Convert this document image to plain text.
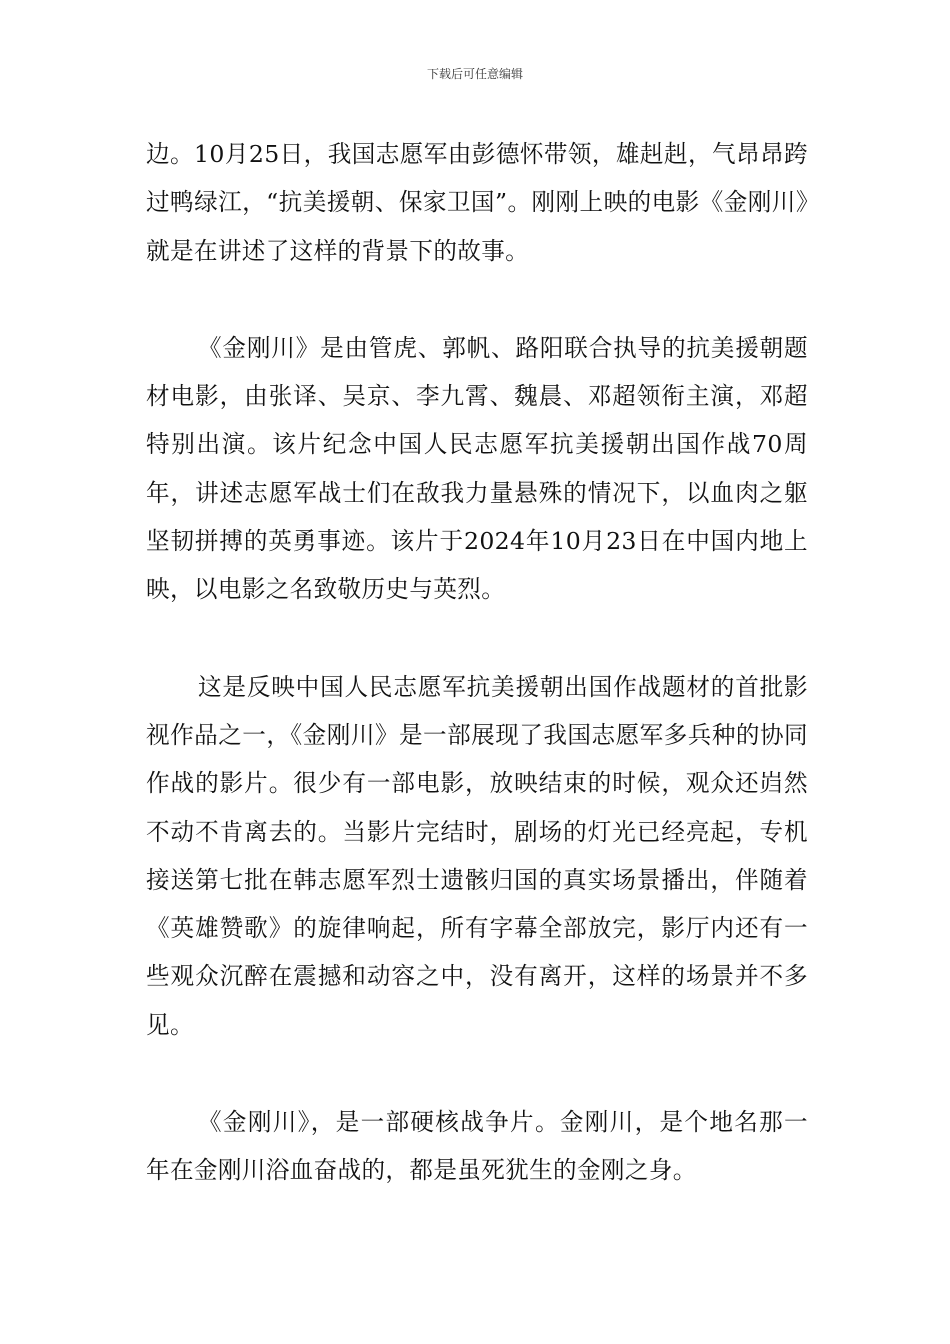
下载后可任意编辑

边。10月25日，我国志愿军由彭德怀带领，雄赳赳，气昂昂跨过鸭绿江，“抗美援朝、保家卫国”。刚刚上映的电影《金刚川》就是在讲述了这样的背景下的故事。

《金刚川》是由管虎、郭帆、路阳联合执导的抗美援朝题材电影，由张译、吴京、李九霄、魏晨、邓超领衔主演，邓超特别出演。该片纪念中国人民志愿军抗美援朝出国作战70周年，讲述志愿军战士们在敌我力量悬殊的情况下，以血肉之躯坚韧拼搏的英勇事迹。该片于2024年10月23日在中国内地上映，以电影之名致敬历史与英烈。

这是反映中国人民志愿军抗美援朝出国作战题材的首批影视作品之一，《金刚川》是一部展现了我国志愿军多兵种的协同作战的影片。很少有一部电影，放映结束的时候，观众还岿然不动不肯离去的。当影片完结时，剧场的灯光已经亮起，专机接送第七批在韩志愿军烈士遗骸归国的真实场景播出，伴随着《英雄赞歌》的旋律响起，所有字幕全部放完，影厅内还有一些观众沉醉在震撼和动容之中，没有离开，这样的场景并不多见。

《金刚川》，是一部硬核战争片。金刚川，是个地名那一年在金刚川浴血奋战的，都是虽死犹生的金刚之身。
